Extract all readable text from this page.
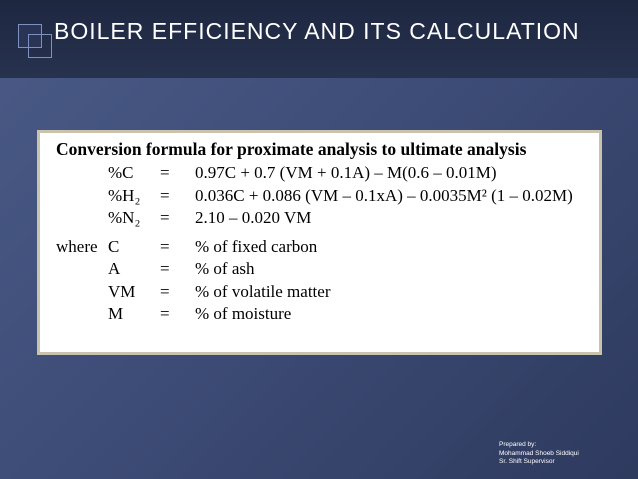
BOILER EFFICIENCY AND ITS CALCULATION
Conversion formula for proximate analysis to ultimate analysis
%C	=	0.97C + 0.7 (VM + 0.1A) – M(0.6 – 0.01M)
%H₂	=	0.036C + 0.086 (VM – 0.1xA) – 0.0035M² (1 – 0.02M)
%N₂	=	2.10 – 0.020 VM
where C	=	% of fixed carbon
A	=	% of ash
VM	=	% of volatile matter
M	=	% of moisture
Prepared by:
Mohammad Shoeb Siddiqui
Sr. Shift Supervisor
